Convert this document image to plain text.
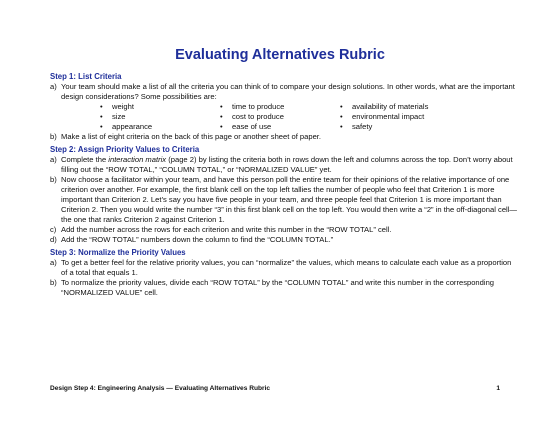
Evaluating Alternatives Rubric

Step 1: List Criteria

a) Your team should make a list of all the criteria you can think of to compare your design solutions. In other words, what are the important design considerations? Some possibilities are:
• weight
• size
• appearance
• time to produce
• cost to produce
• ease of use
• availability of materials
• environmental impact
• safety
b) Make a list of eight criteria on the back of this page or another sheet of paper.

Step 2: Assign Priority Values to Criteria

a) Complete the interaction matrix (page 2) by listing the criteria both in rows down the left and columns across the top. Don’t worry about filling out the “ROW TOTAL,” “COLUMN TOTAL,” or “NORMALIZED VALUE” yet.
b) Now choose a facilitator within your team, and have this person poll the entire team for their opinions of the relative importance of one criterion over another. For example, the first blank cell on the top left tallies the number of people who feel that Criterion 1 is more important than Criterion 2. Let’s say you have five people in your team, and three people feel that Criterion 1 is more important than Criterion 2. Then you would write the number “3” in this first blank cell on the top left. You would then write a “2” in the off-diagonal cell—the one that ranks Criterion 2 against Criterion 1.
c) Add the number across the rows for each criterion and write this number in the “ROW TOTAL” cell.
d) Add the “ROW TOTAL” numbers down the column to find the “COLUMN TOTAL.”

Step 3: Normalize the Priority Values

a) To get a better feel for the relative priority values, you can “normalize” the values, which means to calculate each value as a proportion of a total that equals 1.
b) To normalize the priority values, divide each “ROW TOTAL” by the “COLUMN TOTAL” and write this number in the corresponding “NORMALIZED VALUE” cell.
Design Step 4: Engineering Analysis — Evaluating Alternatives Rubric	1
